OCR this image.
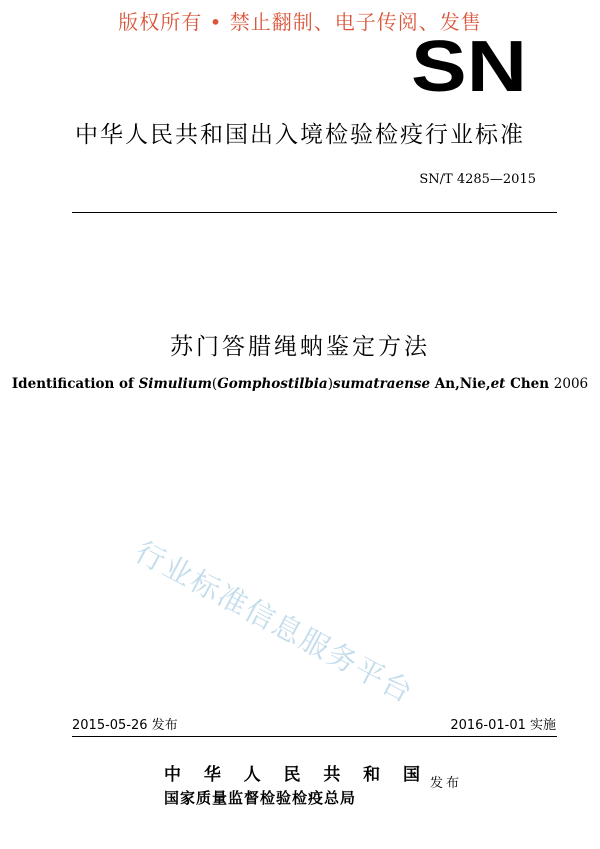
版权所有 • 禁止翻制、电子传阅、发售
SN
中华人民共和国出入境检验检疫行业标准
SN/T 4285—2015
苏门答腊绳蚋鉴定方法
Identification of Simulium(Gomphostilbia)sumatraense An,Nie,et Chen 2006
行业标准信息服务平台
2015-05-26 发布	2016-01-01 实施
中华人民共和国
国家质量监督检验检疫总局
发布
